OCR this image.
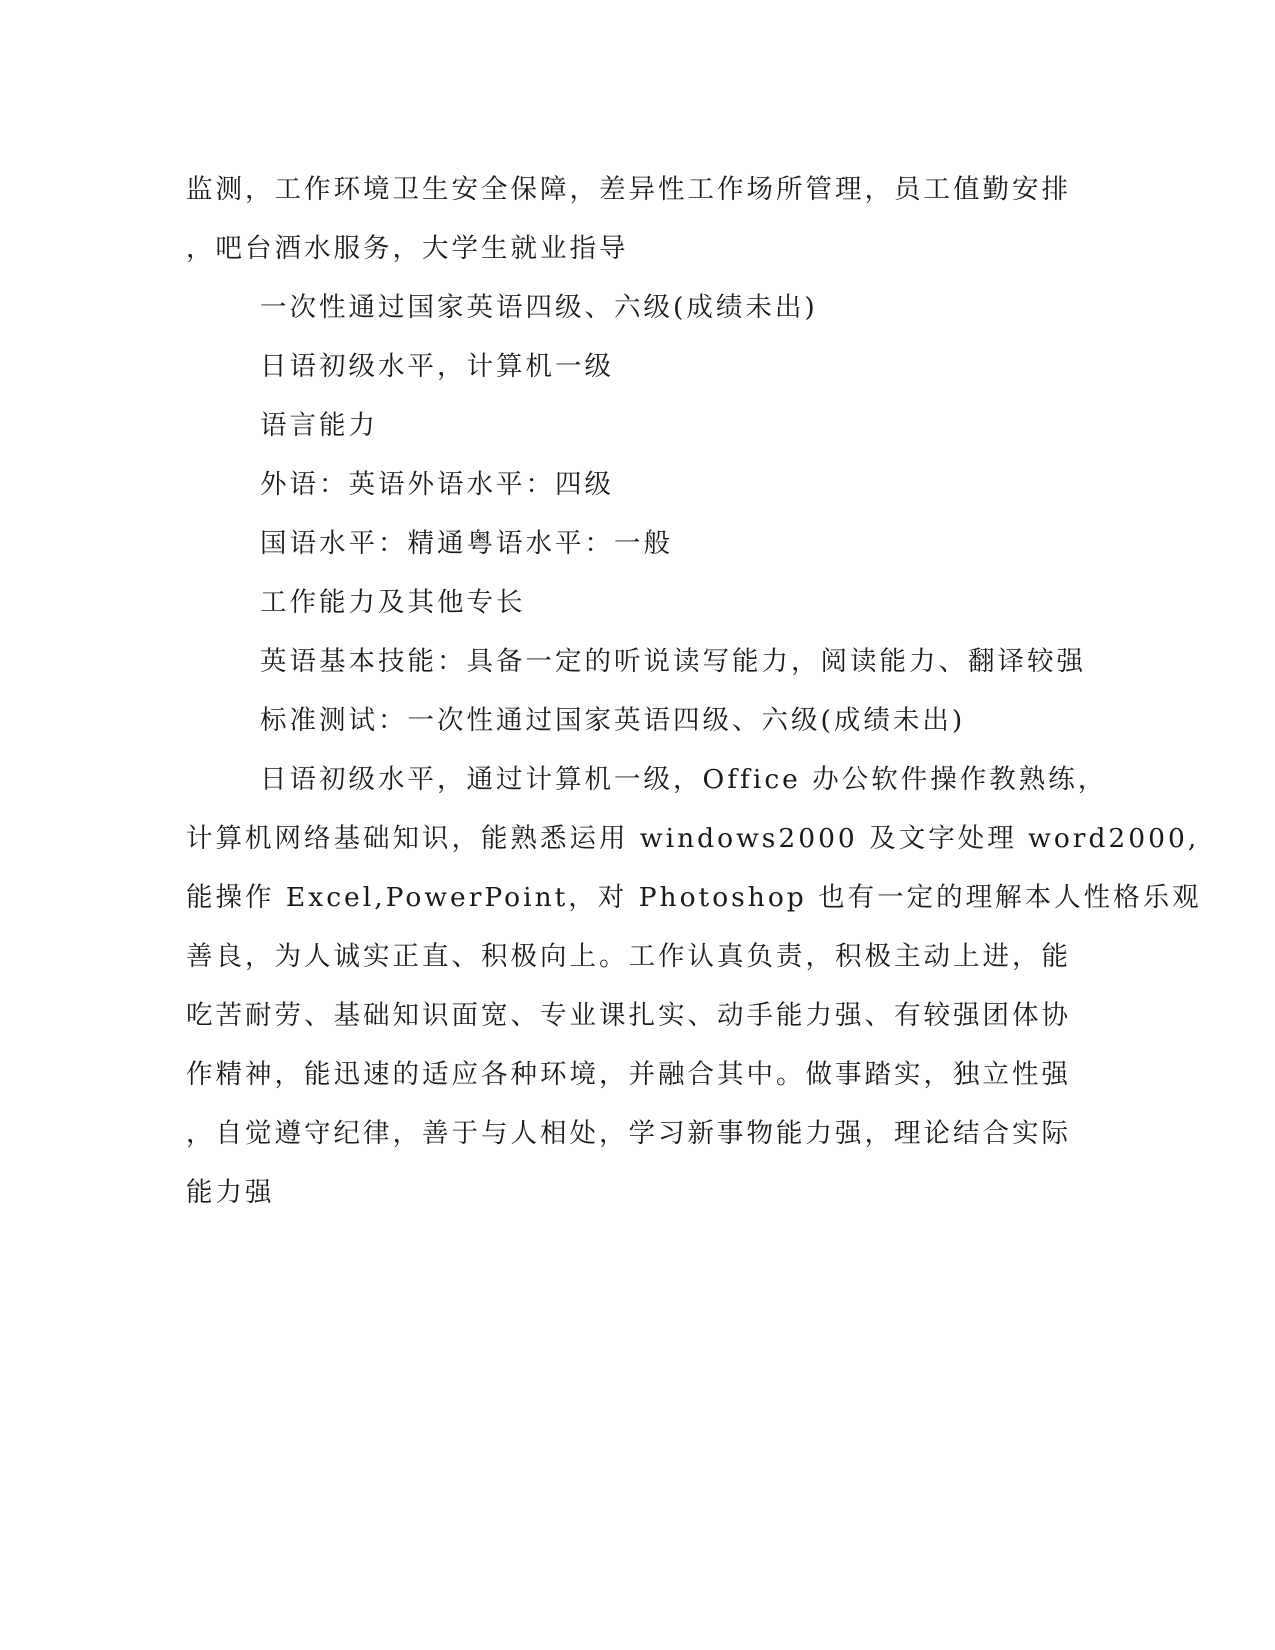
监测，工作环境卫生安全保障，差异性工作场所管理，员工值勤安排
，吧台酒水服务，大学生就业指导
一次性通过国家英语四级、六级(成绩未出)
日语初级水平，计算机一级
语言能力
外语：英语外语水平：四级
国语水平：精通粤语水平：一般
工作能力及其他专长
英语基本技能：具备一定的听说读写能力，阅读能力、翻译较强
标准测试：一次性通过国家英语四级、六级(成绩未出)
日语初级水平，通过计算机一级，Office 办公软件操作教熟练，
计算机网络基础知识，能熟悉运用 windows2000 及文字处理 word2000,
能操作 Excel,PowerPoint，对 Photoshop 也有一定的理解本人性格乐观
善良，为人诚实正直、积极向上。工作认真负责，积极主动上进，能
吃苦耐劳、基础知识面宽、专业课扎实、动手能力强、有较强团体协
作精神，能迅速的适应各种环境，并融合其中。做事踏实，独立性强
，自觉遵守纪律，善于与人相处，学习新事物能力强，理论结合实际
能力强
